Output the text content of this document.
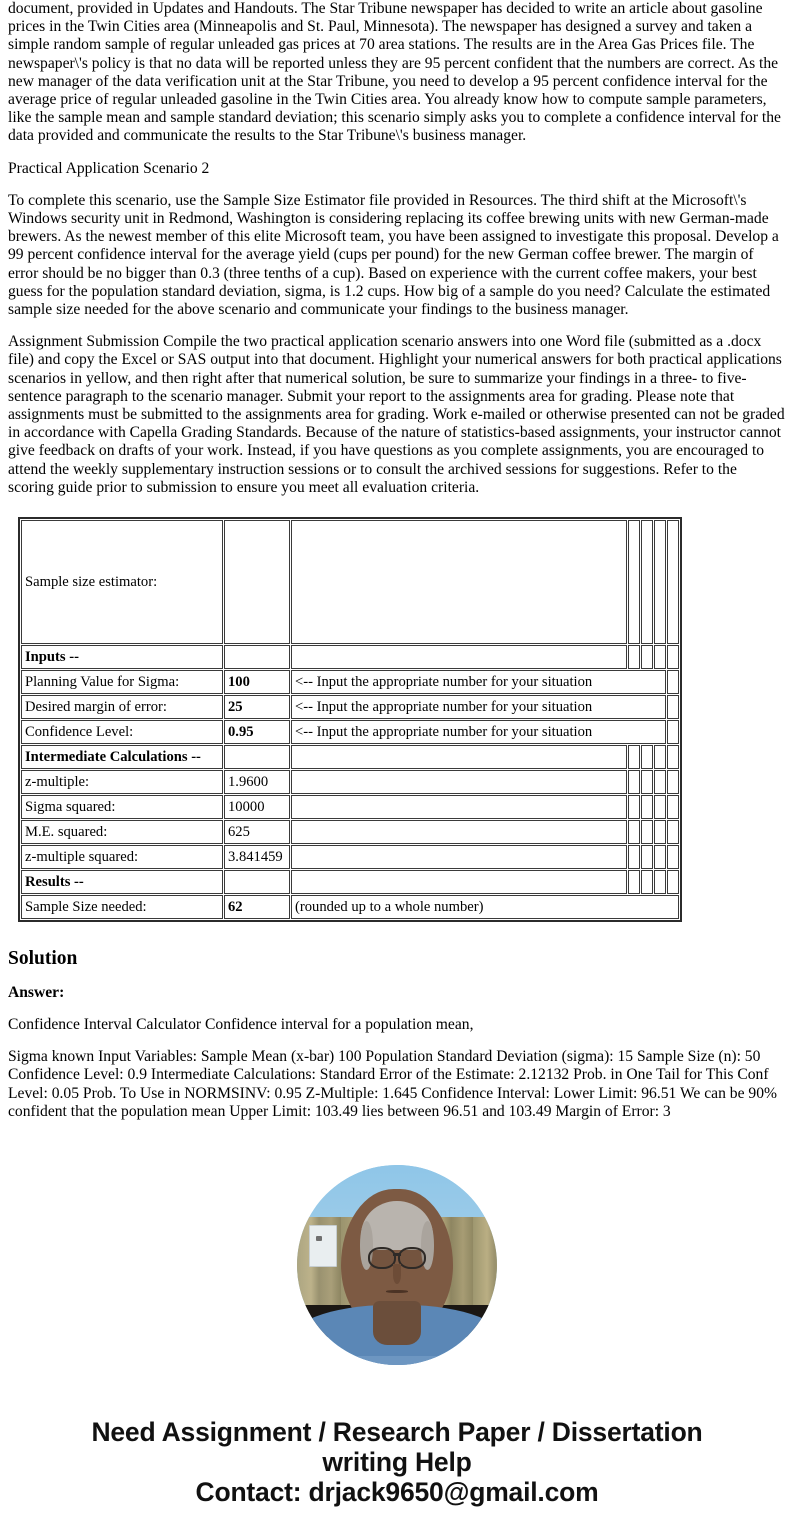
document, provided in Updates and Handouts. The Star Tribune newspaper has decided to write an article about gasoline prices in the Twin Cities area (Minneapolis and St. Paul, Minnesota). The newspaper has designed a survey and taken a simple random sample of regular unleaded gas prices at 70 area stations. The results are in the Area Gas Prices file. The newspaper\'s policy is that no data will be reported unless they are 95 percent confident that the numbers are correct. As the new manager of the data verification unit at the Star Tribune, you need to develop a 95 percent confidence interval for the average price of regular unleaded gasoline in the Twin Cities area. You already know how to compute sample parameters, like the sample mean and sample standard deviation; this scenario simply asks you to complete a confidence interval for the data provided and communicate the results to the Star Tribune\'s business manager.

Practical Application Scenario 2

To complete this scenario, use the Sample Size Estimator file provided in Resources. The third shift at the Microsoft\'s Windows security unit in Redmond, Washington is considering replacing its coffee brewing units with new German-made brewers. As the newest member of this elite Microsoft team, you have been assigned to investigate this proposal. Develop a 99 percent confidence interval for the average yield (cups per pound) for the new German coffee brewer. The margin of error should be no bigger than 0.3 (three tenths of a cup). Based on experience with the current coffee makers, your best guess for the population standard deviation, sigma, is 1.2 cups. How big of a sample do you need? Calculate the estimated sample size needed for the above scenario and communicate your findings to the business manager.

Assignment Submission Compile the two practical application scenario answers into one Word file (submitted as a .docx file) and copy the Excel or SAS output into that document. Highlight your numerical answers for both practical applications scenarios in yellow, and then right after that numerical solution, be sure to summarize your findings in a three- to five-sentence paragraph to the scenario manager. Submit your report to the assignments area for grading. Please note that assignments must be submitted to the assignments area for grading. Work e-mailed or otherwise presented can not be graded in accordance with Capella Grading Standards. Because of the nature of statistics-based assignments, your instructor cannot give feedback on drafts of your work. Instead, if you have questions as you complete assignments, you are encouraged to attend the weekly supplementary instruction sessions or to consult the archived sessions for suggestions. Refer to the scoring guide prior to submission to ensure you meet all evaluation criteria.

Sample size estimator:						
Inputs --						
Planning Value for Sigma:	100	<-- Input the appropriate number for your situation				
Desired margin of error:	25	<-- Input the appropriate number for your situation				
Confidence Level:	0.95	<-- Input the appropriate number for your situation				
Intermediate Calculations --						
z-multiple:	1.9600					
Sigma squared:	10000					
M.E. squared:	625					
z-multiple squared:	3.841459					
Results --						
Sample Size needed:	62	(rounded up to a whole number)				
Solution
Answer:

Confidence Interval Calculator Confidence interval for a population mean,

Sigma known Input Variables: Sample Mean (x-bar) 100 Population Standard Deviation (sigma): 15 Sample Size (n): 50 Confidence Level: 0.9 Intermediate Calculations: Standard Error of the Estimate: 2.12132 Prob. in One Tail for This Conf Level: 0.05 Prob. To Use in NORMSINV: 0.95 Z-Multiple: 1.645 Confidence Interval: Lower Limit: 96.51 We can be 90% confident that the population mean Upper Limit: 103.49 lies between 96.51 and 103.49 Margin of Error: 3

Need Assignment / Research Paper / Dissertation
writing Help
Contact: drjack9650@gmail.com
